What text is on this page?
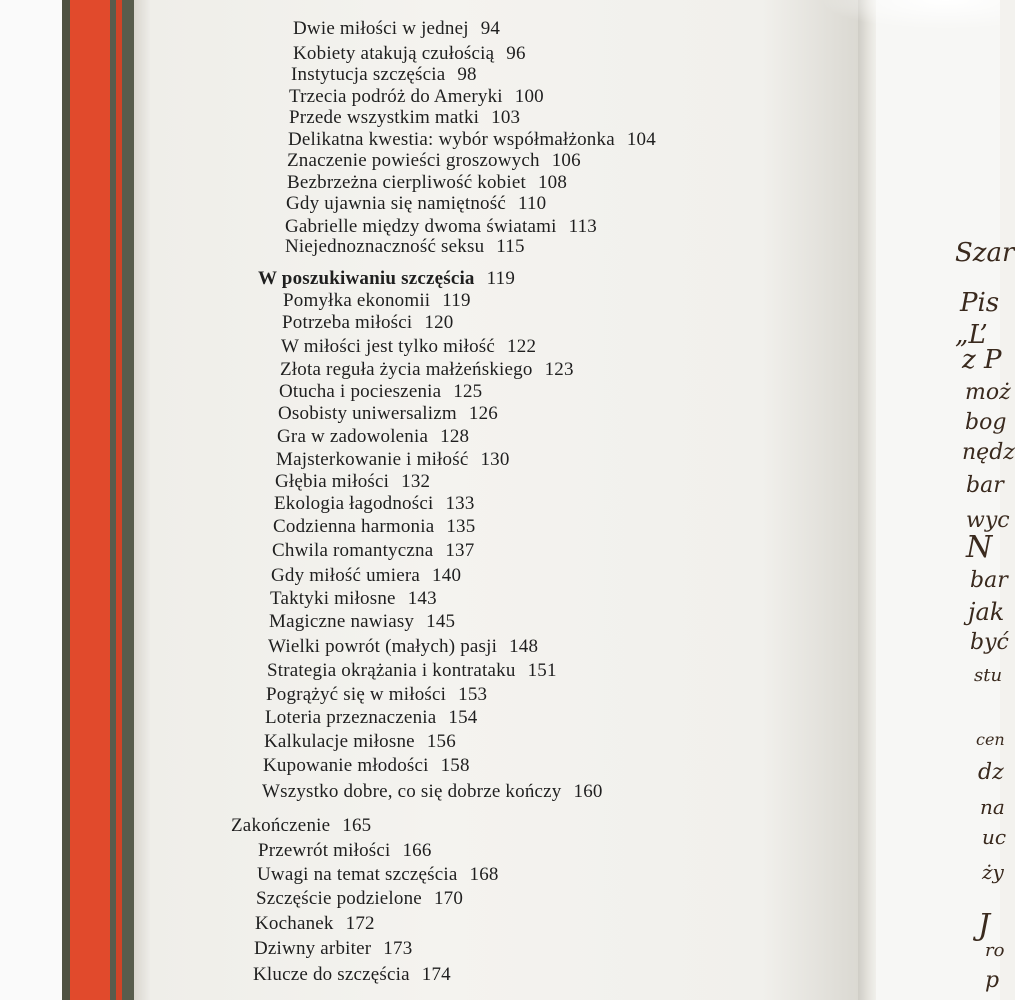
Szar
Pis
„L’
z P
moż
bog
nędz
bar
wyc
N
bar
jak
być
stu
cen
dz
na
uc
ży
J
ro
p
Dwie miłości w jednej 94
Kobiety atakują czułością 96
Instytucja szczęścia 98
Trzecia podróż do Ameryki 100
Przede wszystkim matki 103
Delikatna kwestia: wybór współmałżonka 104
Znaczenie powieści groszowych 106
Bezbrzeżna cierpliwość kobiet 108
Gdy ujawnia się namiętność 110
Gabrielle między dwoma światami 113
Niejednoznaczność seksu 115
W poszukiwaniu szczęścia 119
Pomyłka ekonomii 119
Potrzeba miłości 120
W miłości jest tylko miłość 122
Złota reguła życia małżeńskiego 123
Otucha i pocieszenia 125
Osobisty uniwersalizm 126
Gra w zadowolenia 128
Majsterkowanie i miłość 130
Głębia miłości 132
Ekologia łagodności 133
Codzienna harmonia 135
Chwila romantyczna 137
Gdy miłość umiera 140
Taktyki miłosne 143
Magiczne nawiasy 145
Wielki powrót (małych) pasji 148
Strategia okrążania i kontrataku 151
Pogrążyć się w miłości 153
Loteria przeznaczenia 154
Kalkulacje miłosne 156
Kupowanie młodości 158
Wszystko dobre, co się dobrze kończy 160
Zakończenie 165
Przewrót miłości 166
Uwagi na temat szczęścia 168
Szczęście podzielone 170
Kochanek 172
Dziwny arbiter 173
Klucze do szczęścia 174
